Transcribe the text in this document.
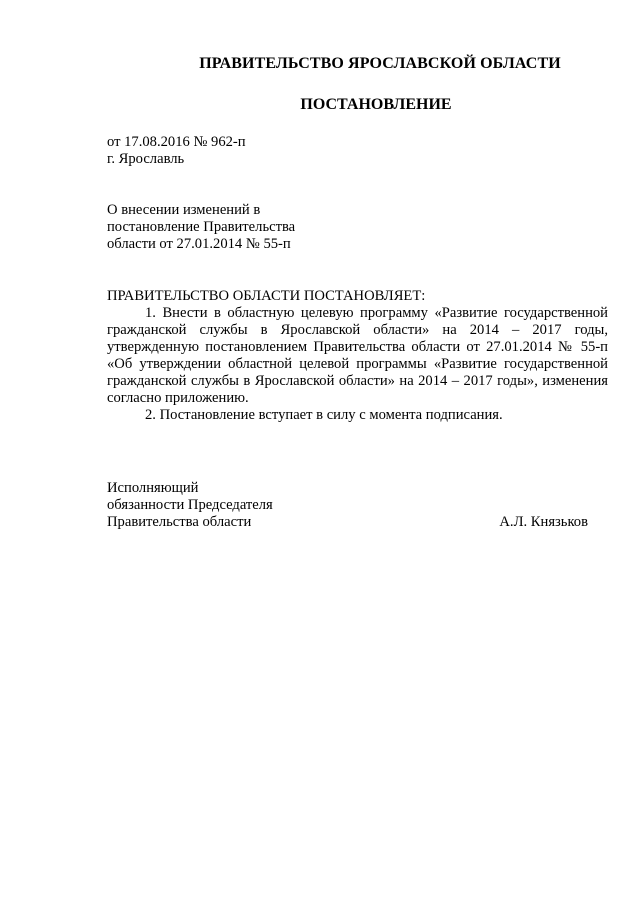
ПРАВИТЕЛЬСТВО ЯРОСЛАВСКОЙ ОБЛАСТИ
ПОСТАНОВЛЕНИЕ
от 17.08.2016 № 962-п
г. Ярославль
О внесении изменений в
постановление Правительства
области от 27.01.2014 № 55-п
ПРАВИТЕЛЬСТВО ОБЛАСТИ ПОСТАНОВЛЯЕТ:

1. Внести в областную целевую программу «Развитие государственной гражданской службы в Ярославской области» на 2014 – 2017 годы, утвержденную постановлением Правительства области от 27.01.2014 № 55-п «Об утверждении областной целевой программы «Развитие государственной гражданской службы в Ярославской области» на 2014 – 2017 годы», изменения согласно приложению.

2. Постановление вступает в силу с момента подписания.

Исполняющий
обязанности Председателя
Правительства области	А.Л. Князьков
